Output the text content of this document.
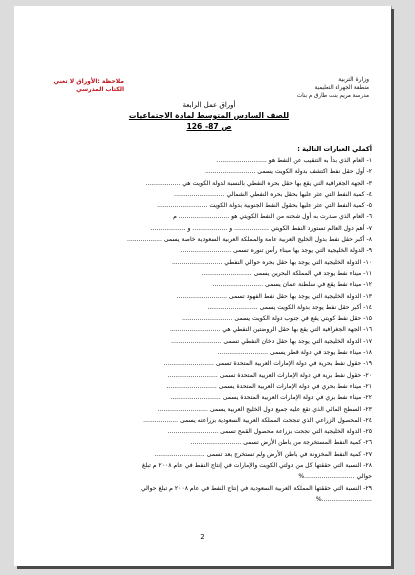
وزارة التربية
منطقة الجهراء التعليمية
مدرسة مريم بنت طارق م بنات
ملاحظة :الأوراق لا تغني
الكتاب المدرسي
أوراق عمل الرابعة
للصف السادس المتوسط لمادة الاجتماعيات ص 87- 126
أكملي العبارات التالية :
١- العام الذي بدأ به التنقيب عن النفط هو ..........................
٢- أول حقل نفط اكتشف بدولة الكويت يسمى ..........................
٣- الجهة الجغرافية التي يقع بها حقل بحره النفطي بالنسبة لدولة الكويت هي ..................
٤- كمية النفط التي عثر عليها بحقل بحره النفطي الشمالي ..........................
٥- كمية النفط التي عثر عليها بحقول النفط الجنوبية بدولة الكويت ..........................
٦- العام الذي صدرت به أول شحنه من النفط الكويتي هو .......................... م
٧- أهم دول العالم تستورد النفط الكويتي .................. و .................. و ..................
٨- أكبر حقل نفط بدول الخليج العربية عامة والمملكة العربية السعودية خاصة يسمى ..................
٩- الدولة الخليجية التي يوجد بها ميناء رأس تنوره تسمى ..........................
١٠- الدولة الخليجية التي يوجد بها حقل بحره حوالي النفطي ..........................
١١- ميناء نفط يوجد في المملكة البحرين يسمى ..........................
١٢- ميناء نفط يقع في سلطنة عمان يسمى ..........................
١٣- الدولة الخليجية التي يوجد بها حقل نفط الفهود تسمى ..........................
١٤- أكبر حقل نفط يوجد بدولة الكويت يسمى ..........................
١٥- حقل نفط كويتي يقع في جنوب دولة الكويت يسمى ..........................
١٦- الجهة الجغرافية التي يقع بها حقل الروضتين النفطي هي ..........................
١٧- الدولة الخليجية التي يوجد بها حقل دخان النفطي تسمى ..........................
١٨- ميناء نفط يوجد في دولة قطر يسمى ..........................
١٩- حقول نفط بحرية في دولة الإمارات العربية المتحدة تسمى ..........................
٢٠- حقول نفط برية في دولة الإمارات العربية المتحدة تسمى ..........................
٢١- ميناء نفط بحري في دولة الإمارات العربية المتحدة يسمى ..........................
٢٢- ميناء نفط بري في دولة الإمارات العربية المتحدة يسمى ..........................
٢٣- السطح المائي الذي تقع عليه جميع دول الخليج العربية يسمى ..........................
٢٤- المحصول الزراعي الذي تنجحت المملكة العربية السعودية بزراعته يسمى ..................
٢٥- الدولة الخليجية التي نجحت بزراعة محصول القمح تسمى ..........................
٢٦- كمية النفط المستخرجة من باطن الأرض تسمى ..........................
٢٧- كمية النفط المخزونة في باطن الأرض ولم تستخرج بعد تسمى ..........................
٢٨- النسبة التي حققتها كل من دولتي الكويت والإمارات في إنتاج النفط في عام ٢٠٠٨ م تبلغ
حوالي ..........................%
٢٩- النسبة التي حققتها المملكة العربية السعودية في إنتاج النفط في عام ٢٠٠٨ م تبلغ حوالي
..........................%
2
